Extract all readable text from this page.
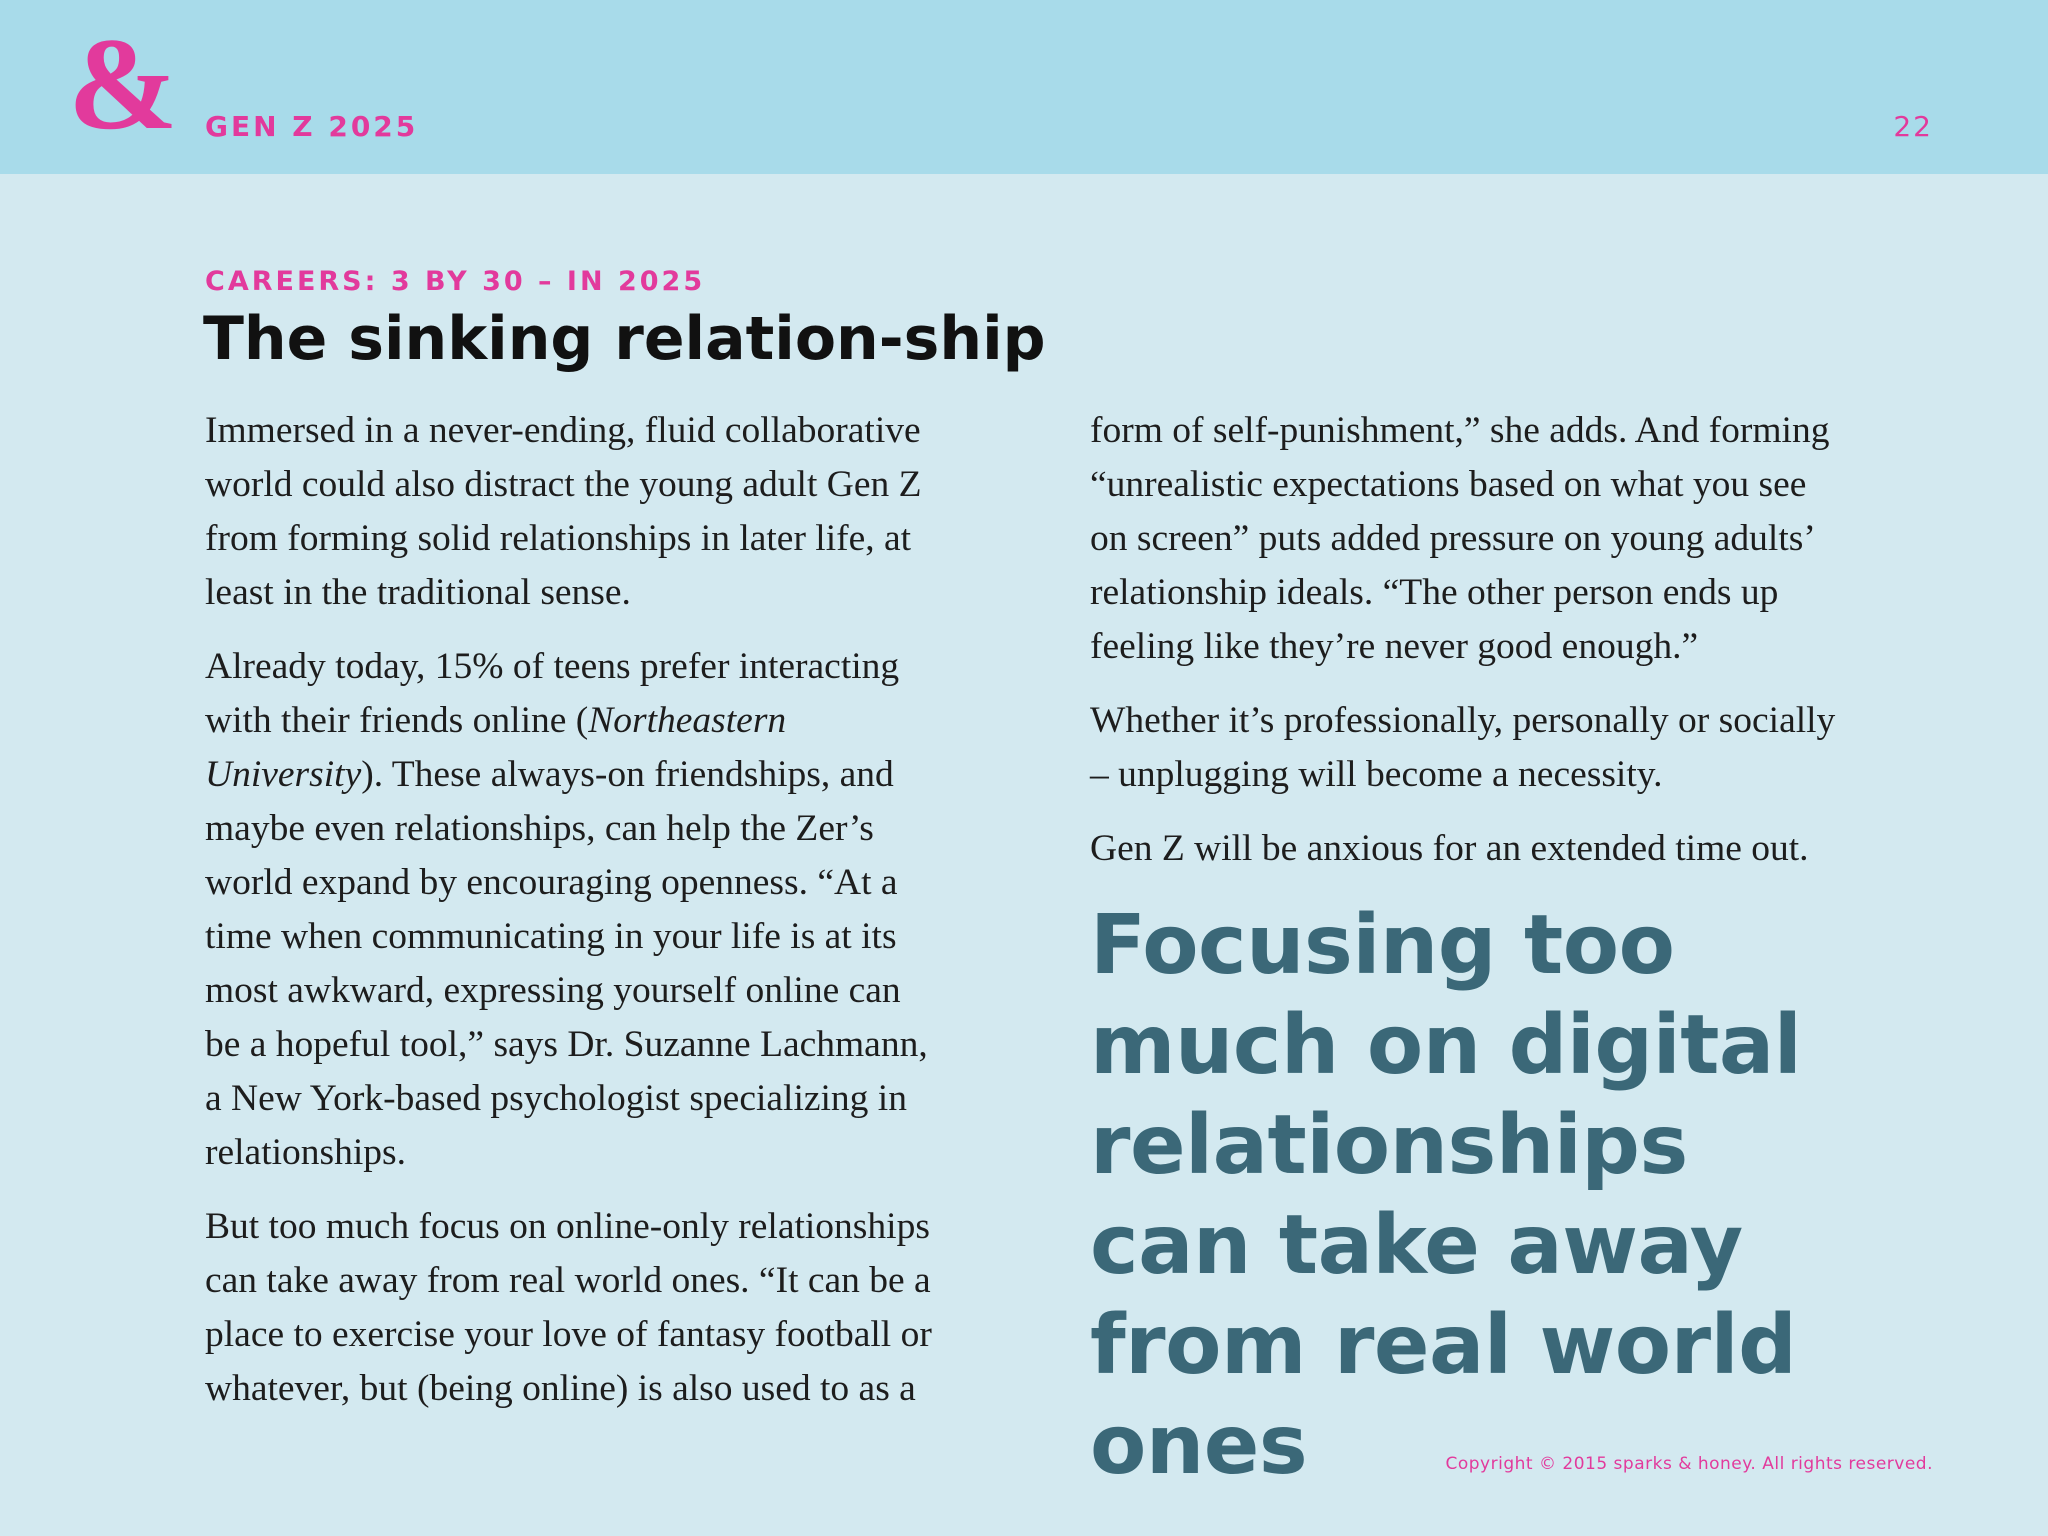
& GEN Z 2025	22
CAREERS: 3 BY 30 – IN 2025
The sinking relation-ship

Immersed in a never-ending, fluid collaborative world could also distract the young adult Gen Z from forming solid relationships in later life, at least in the traditional sense.

Already today, 15% of teens prefer interacting with their friends online (Northeastern University). These always-on friendships, and maybe even relationships, can help the Zer’s world expand by encouraging openness. “At a time when communicating in your life is at its most awkward, expressing yourself online can be a hopeful tool,” says Dr. Suzanne Lachmann, a New York-based psychologist specializing in relationships.

But too much focus on online-only relationships can take away from real world ones. “It can be a place to exercise your love of fantasy football or whatever, but (being online) is also used to as a

form of self-punishment,” she adds. And forming “unrealistic expectations based on what you see on screen” puts added pressure on young adults’ relationship ideals. “The other person ends up feeling like they’re never good enough.”

Whether it’s professionally, personally or socially – unplugging will become a necessity.

Gen Z will be anxious for an extended time out.

Focusing too much on digital relationships can take away from real world ones	Copyright © 2015 sparks & honey. All rights reserved.
